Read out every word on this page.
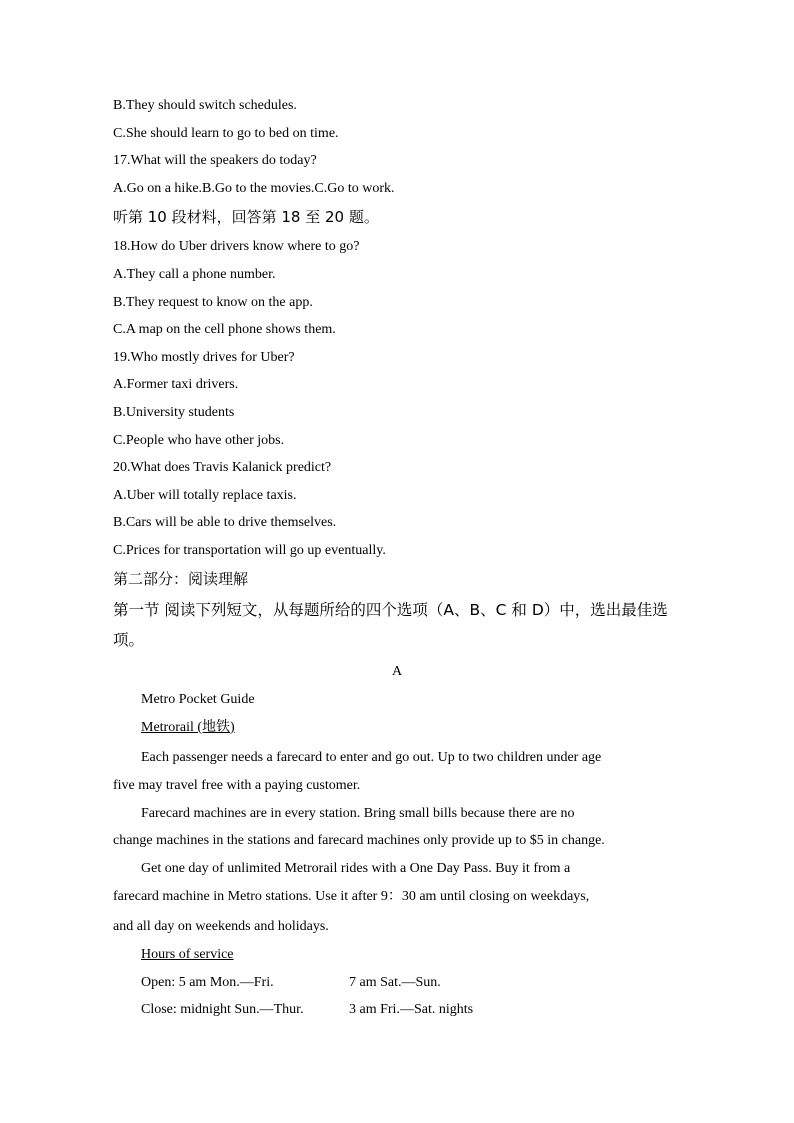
B.They should switch schedules.
C.She should learn to go to bed on time.
17.What will the speakers do today?
A.Go on a hike.B.Go to the movies.C.Go to work.
听第 10 段材料，回答第 18 至 20 题。
18.How do Uber drivers know where to go?
A.They call a phone number.
B.They request to know on the app.
C.A map on the cell phone shows them.
19.Who mostly drives for Uber?
A.Former taxi drivers.
B.University students
C.People who have other jobs.
20.What does Travis Kalanick predict?
A.Uber will totally replace taxis.
B.Cars will be able to drive themselves.
C.Prices for transportation will go up eventually.
第二部分：阅读理解
第一节 阅读下列短文，从每题所给的四个选项（A、B、C 和 D）中，选出最佳选项。
A
Metro Pocket Guide
Metrorail (地铁)
Each passenger needs a farecard to enter and go out. Up to two children under age
five may travel free with a paying customer.
Farecard machines are in every station. Bring small bills because there are no
change machines in the stations and farecard machines only provide up to $5 in change.
Get one day of unlimited Metrorail rides with a One Day Pass. Buy it from a
farecard machine in Metro stations. Use it after 9：30 am until closing on weekdays,
and all day on weekends and holidays.
Hours of service
Open: 5 am Mon.—Fri.	7 am Sat.—Sun.
Close: midnight Sun.—Thur.	3 am Fri.—Sat. nights
